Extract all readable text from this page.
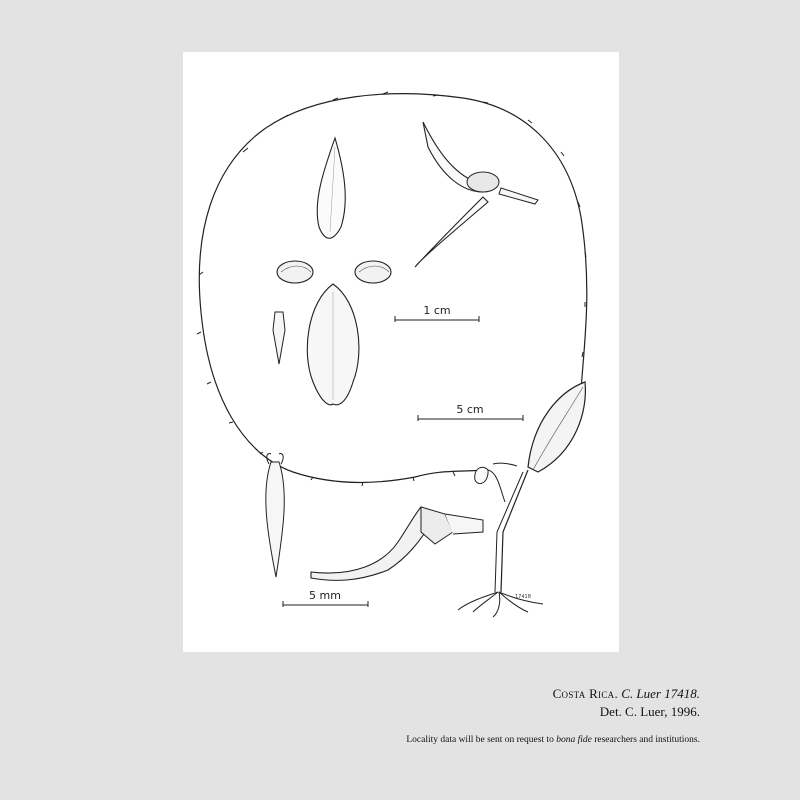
17418
1 cm
5 cm
5 mm
Costa Rica. C. Luer 17418.
Det. C. Luer, 1996.
Locality data will be sent on request to bona fide researchers and institutions.
